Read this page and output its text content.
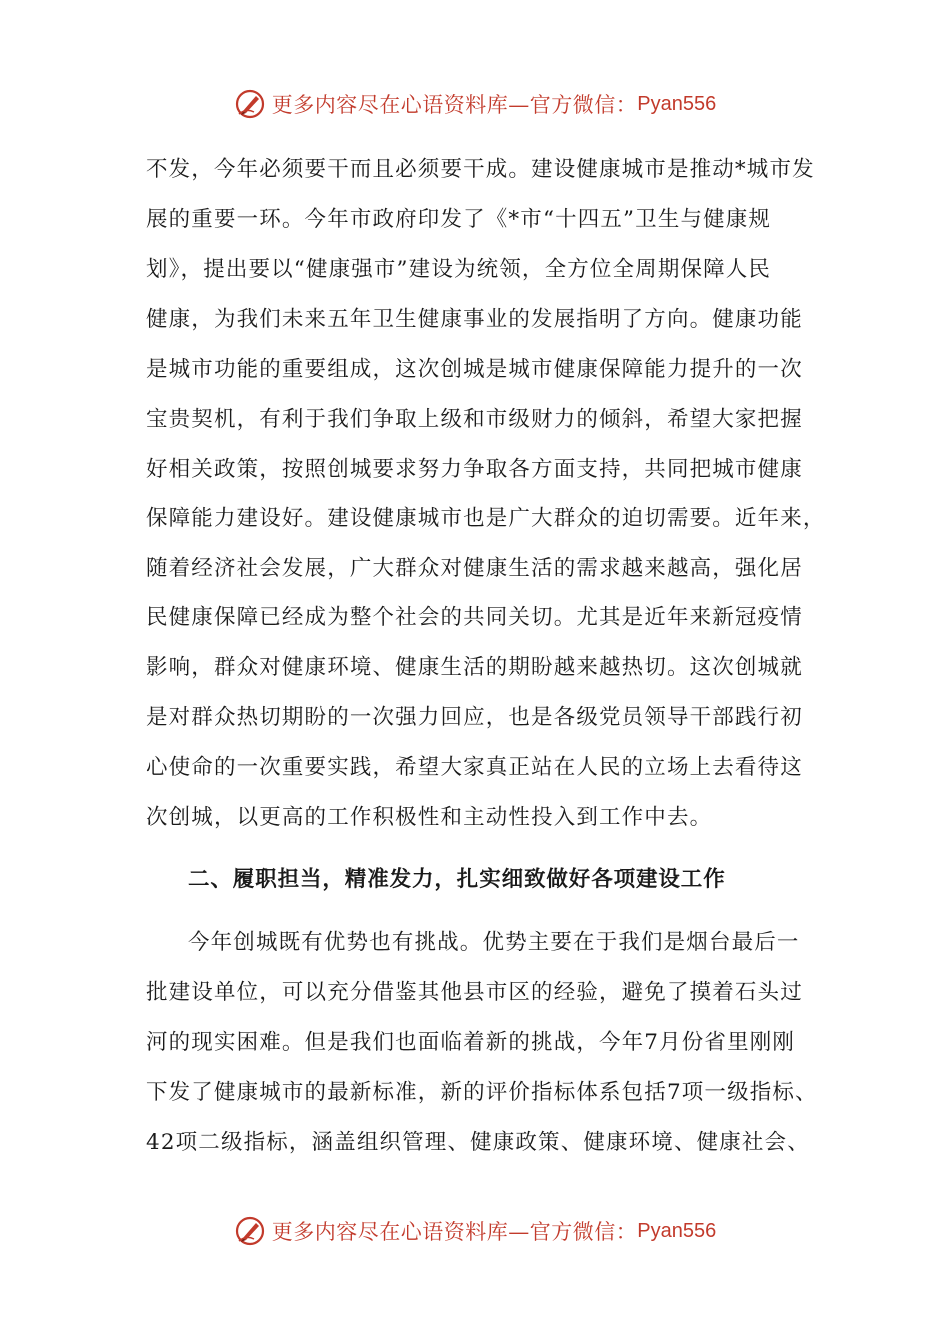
更多内容尽在心语资料库—官方微信： Pyan556
不发，今年必须要干而且必须要干成。建设健康城市是推动*城市发
展的重要一环。今年市政府印发了《*市“十四五”卫生与健康规
划》，提出要以“健康强市”建设为统领，全方位全周期保障人民
健康，为我们未来五年卫生健康事业的发展指明了方向。健康功能
是城市功能的重要组成，这次创城是城市健康保障能力提升的一次
宝贵契机，有利于我们争取上级和市级财力的倾斜，希望大家把握
好相关政策，按照创城要求努力争取各方面支持，共同把城市健康
保障能力建设好。建设健康城市也是广大群众的迫切需要。近年来，
随着经济社会发展，广大群众对健康生活的需求越来越高，强化居
民健康保障已经成为整个社会的共同关切。尤其是近年来新冠疫情
影响，群众对健康环境、健康生活的期盼越来越热切。这次创城就
是对群众热切期盼的一次强力回应，也是各级党员领导干部践行初
心使命的一次重要实践，希望大家真正站在人民的立场上去看待这
次创城，以更高的工作积极性和主动性投入到工作中去。
二、履职担当，精准发力，扎实细致做好各项建设工作
今年创城既有优势也有挑战。优势主要在于我们是烟台最后一
批建设单位，可以充分借鉴其他县市区的经验，避免了摸着石头过
河的现实困难。但是我们也面临着新的挑战，今年7月份省里刚刚
下发了健康城市的最新标准，新的评价指标体系包括7项一级指标、
42项二级指标，涵盖组织管理、健康政策、健康环境、健康社会、
更多内容尽在心语资料库—官方微信： Pyan556
